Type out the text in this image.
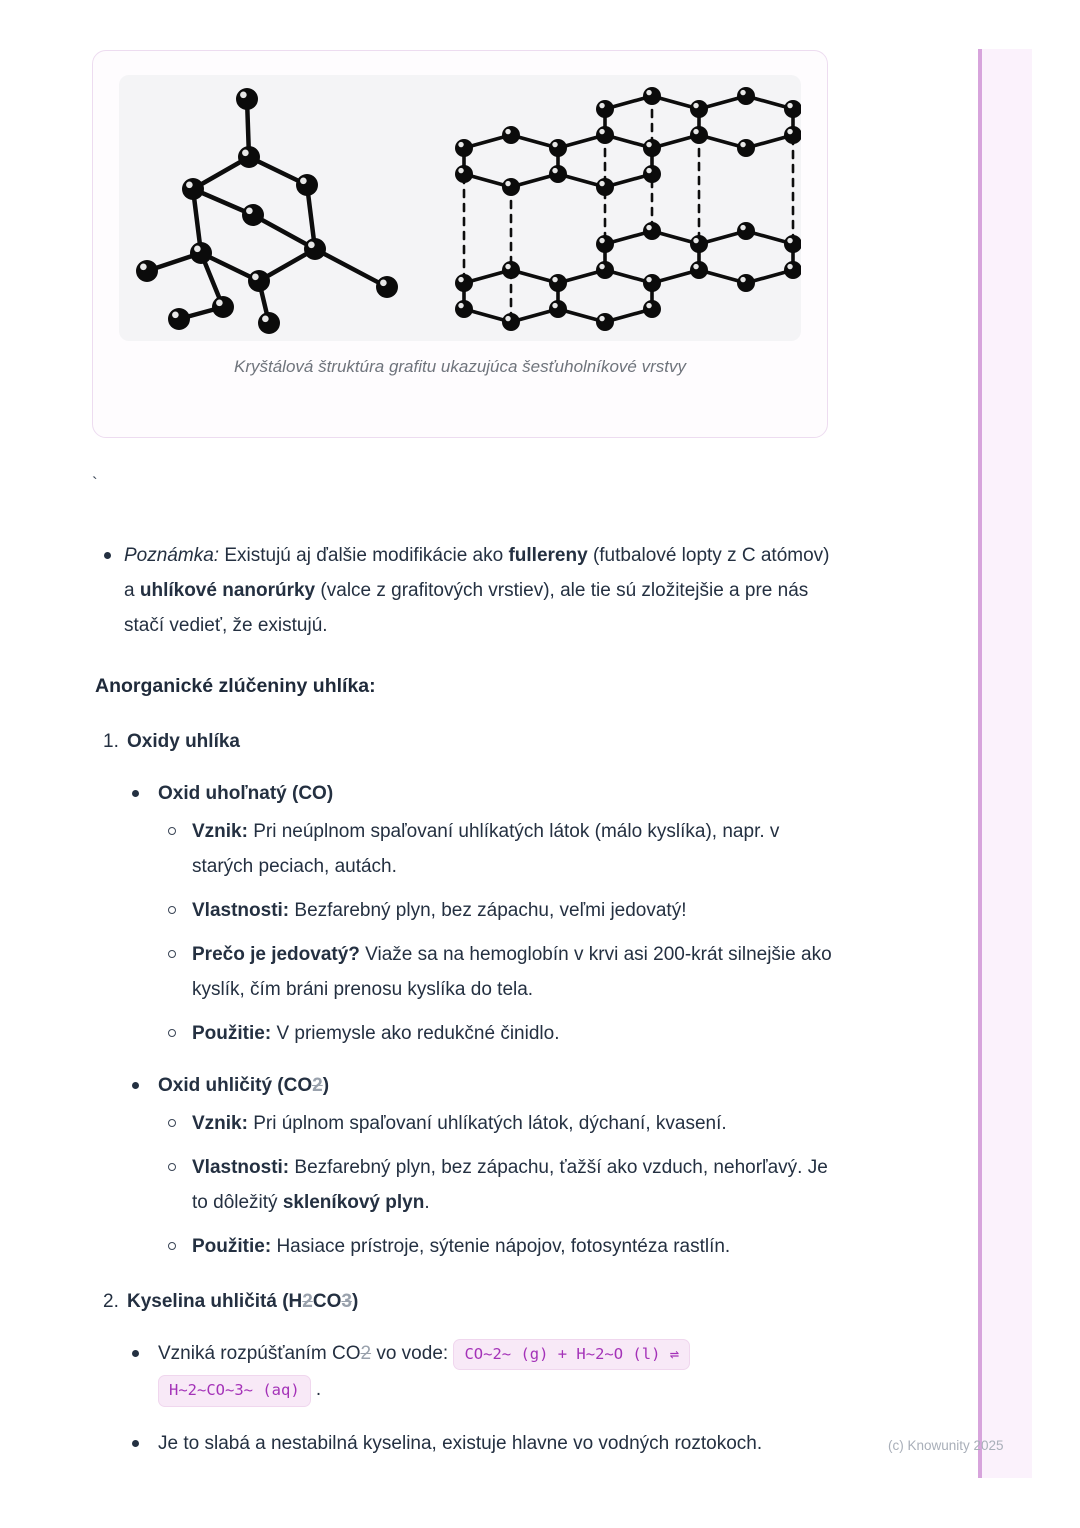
Kryštálová štruktúra grafitu ukazujúca šesťuholníkové vrstvy
`
Poznámka: Existujú aj ďalšie modifikácie ako fullereny (futbalové lopty z C atómov) a uhlíkové nanorúrky (valce z grafitových vrstiev), ale tie sú zložitejšie a pre nás stačí vedieť, že existujú.
Anorganické zlúčeniny uhlíka:
1. Oxidy uhlíka
Oxid uhoľnatý (CO)
Vznik: Pri neúplnom spaľovaní uhlíkatých látok (málo kyslíka), napr. v starých peciach, autách.
Vlastnosti: Bezfarebný plyn, bez zápachu, veľmi jedovatý!
Prečo je jedovatý? Viaže sa na hemoglobín v krvi asi 200-krát silnejšie ako kyslík, čím bráni prenosu kyslíka do tela.
Použitie: V priemysle ako redukčné činidlo.
Oxid uhličitý (CO2)
Vznik: Pri úplnom spaľovaní uhlíkatých látok, dýchaní, kvasení.
Vlastnosti: Bezfarebný plyn, bez zápachu, ťažší ako vzduch, nehorľavý. Je to dôležitý skleníkový plyn.
Použitie: Hasiace prístroje, sýtenie nápojov, fotosyntéza rastlín.
2. Kyselina uhličitá (H2CO3)
Vzniká rozpúšťaním CO2 vo vode: CO~2~ (g) + H~2~O (l) ⇌
H~2~CO~3~ (aq) .
Je to slabá a nestabilná kyselina, existuje hlavne vo vodných roztokoch.	(c) Knowunity 2025
